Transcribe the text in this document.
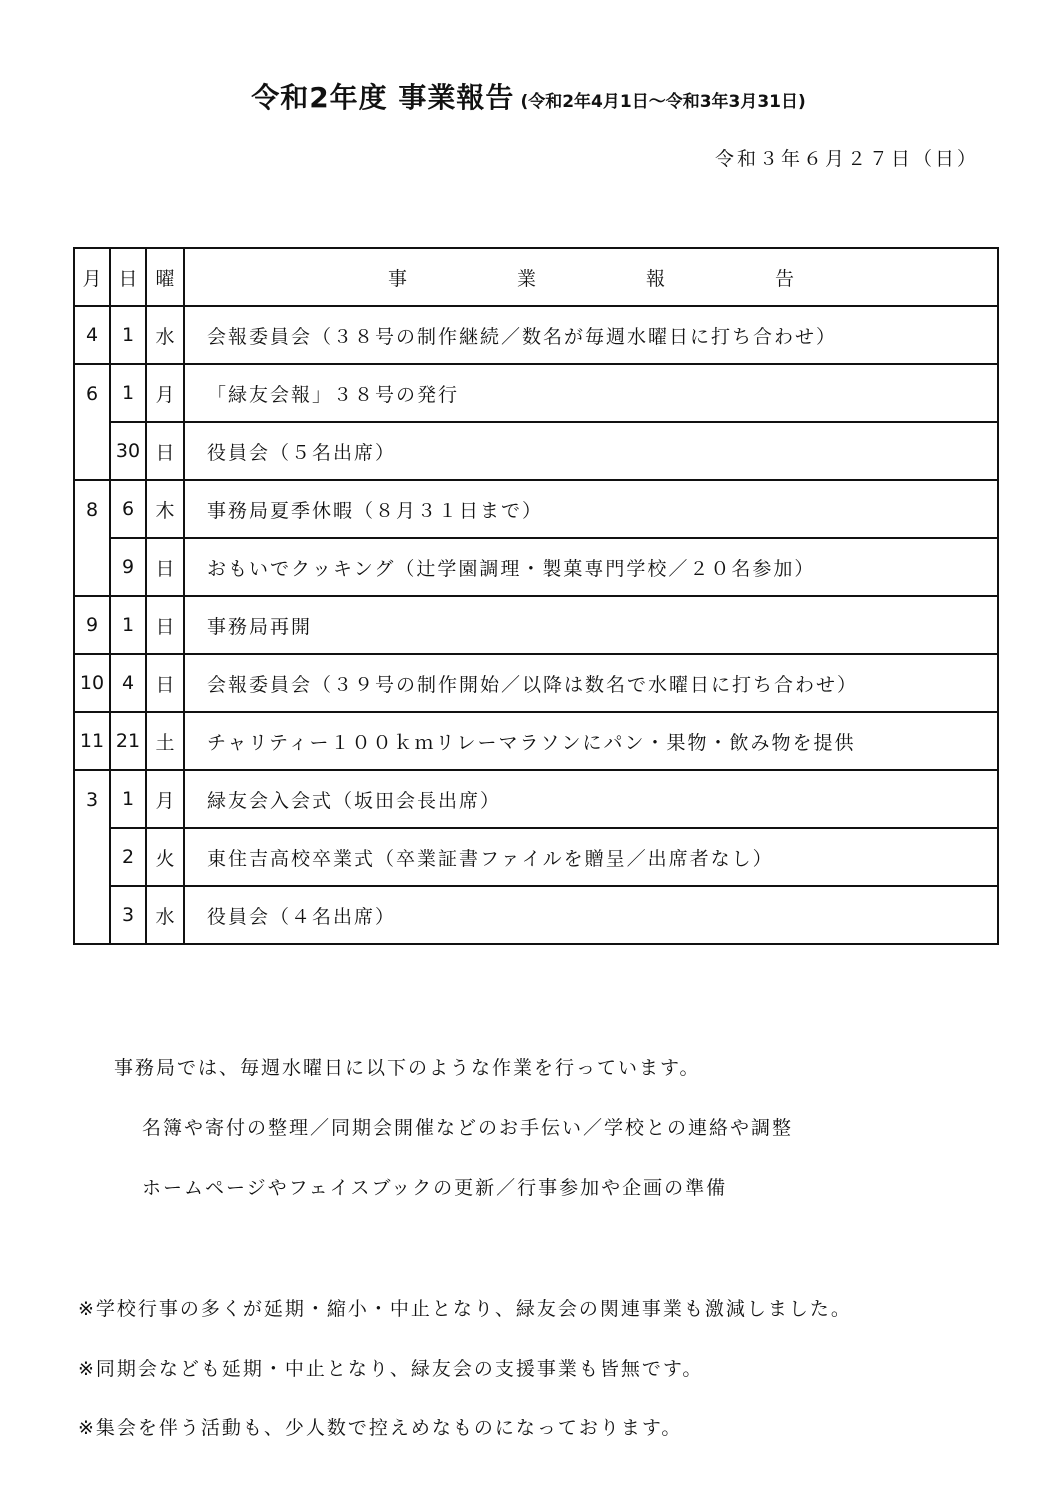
令和2年度 事業報告 (令和2年4月1日～令和3年3月31日)
令和３年６月２７日（日）
月	日	曜	事 業 報 告
4	1	水	会報委員会（３８号の制作継続／数名が毎週水曜日に打ち合わせ）
6	1	月	「緑友会報」３８号の発行
	30	日	役員会（５名出席）
8	6	木	事務局夏季休暇（８月３１日まで）
	9	日	おもいでクッキング（辻学園調理・製菓専門学校／２０名参加）
9	1	日	事務局再開
10	4	日	会報委員会（３９号の制作開始／以降は数名で水曜日に打ち合わせ）
11	21	土	チャリティー１００ｋｍリレーマラソンにパン・果物・飲み物を提供
3	1	月	緑友会入会式（坂田会長出席）
	2	火	東住吉高校卒業式（卒業証書ファイルを贈呈／出席者なし）
	3	水	役員会（４名出席）
事務局では、毎週水曜日に以下のような作業を行っています。
名簿や寄付の整理／同期会開催などのお手伝い／学校との連絡や調整
ホームページやフェイスブックの更新／行事参加や企画の準備
※学校行事の多くが延期・縮小・中止となり、緑友会の関連事業も激減しました。
※同期会なども延期・中止となり、緑友会の支援事業も皆無です。
※集会を伴う活動も、少人数で控えめなものになっております。
